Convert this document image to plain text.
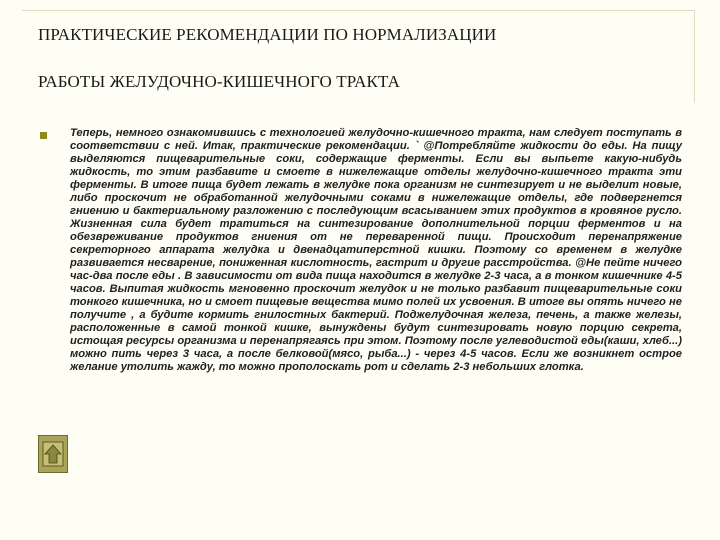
ПРАКТИЧЕСКИЕ РЕКОМЕНДАЦИИ ПО НОРМАЛИЗАЦИИ
РАБОТЫ ЖЕЛУДОЧНО-КИШЕЧНОГО ТРАКТА

Теперь, немного ознакомившись с технологией желудочно-кишечного тракта, нам следует поступать в соответствии с ней. Итак, практические рекомендации. ` @Потребляйте жидкости до еды. На пищу выделяются пищеварительные соки, содержащие ферменты. Если вы выпьете какую-нибудь жидкость, то этим разбавите и смоете в нижележащие отделы желудочно-кишечного тракта эти ферменты. В итоге пища будет лежать в желудке пока организм не синтезирует и не выделит новые, либо проскочит не обработанной желудочными соками в нижележащие отделы, где подвергнется гниению и бактериальному разложению с последующим всасыванием этих продуктов в кровяное русло. Жизненная сила будет тратиться на синтезирование дополнительной порции ферментов и на обезвреживание продуктов гниения от не переваренной пищи. Происходит перенапряжение секреторного аппарата желудка и двенадцатиперстной кишки. Поэтому со временем в желудке развивается несварение, пониженная кислотность, гастрит и другие расстройства. @Не пейте ничего час-два после еды . В зависимости от вида пища находится в желудке 2-3 часа, а в тонком кишечнике 4-5 часов. Выпитая жидкость мгновенно проскочит желудок и не только разбавит пищеварительные соки тонкого кишечника, но и смоет пищевые вещества мимо полей их усвоения. В итоге вы опять ничего не получите , а будите кормить гнилостных бактерий. Поджелудочная железа, печень, а также железы, расположенные в самой тонкой кишке, вынуждены будут синтезировать новую порцию секрета, истощая ресурсы организма и перенапрягаясь при этом. Поэтому после углеводистой еды(каши, хлеб...) можно пить через 3 часа, а после белковой(мясо, рыба...) - через 4-5 часов. Если же возникнет острое желание утолить жажду, то можно прополоскать рот и сделать 2-3 небольших глотка.
